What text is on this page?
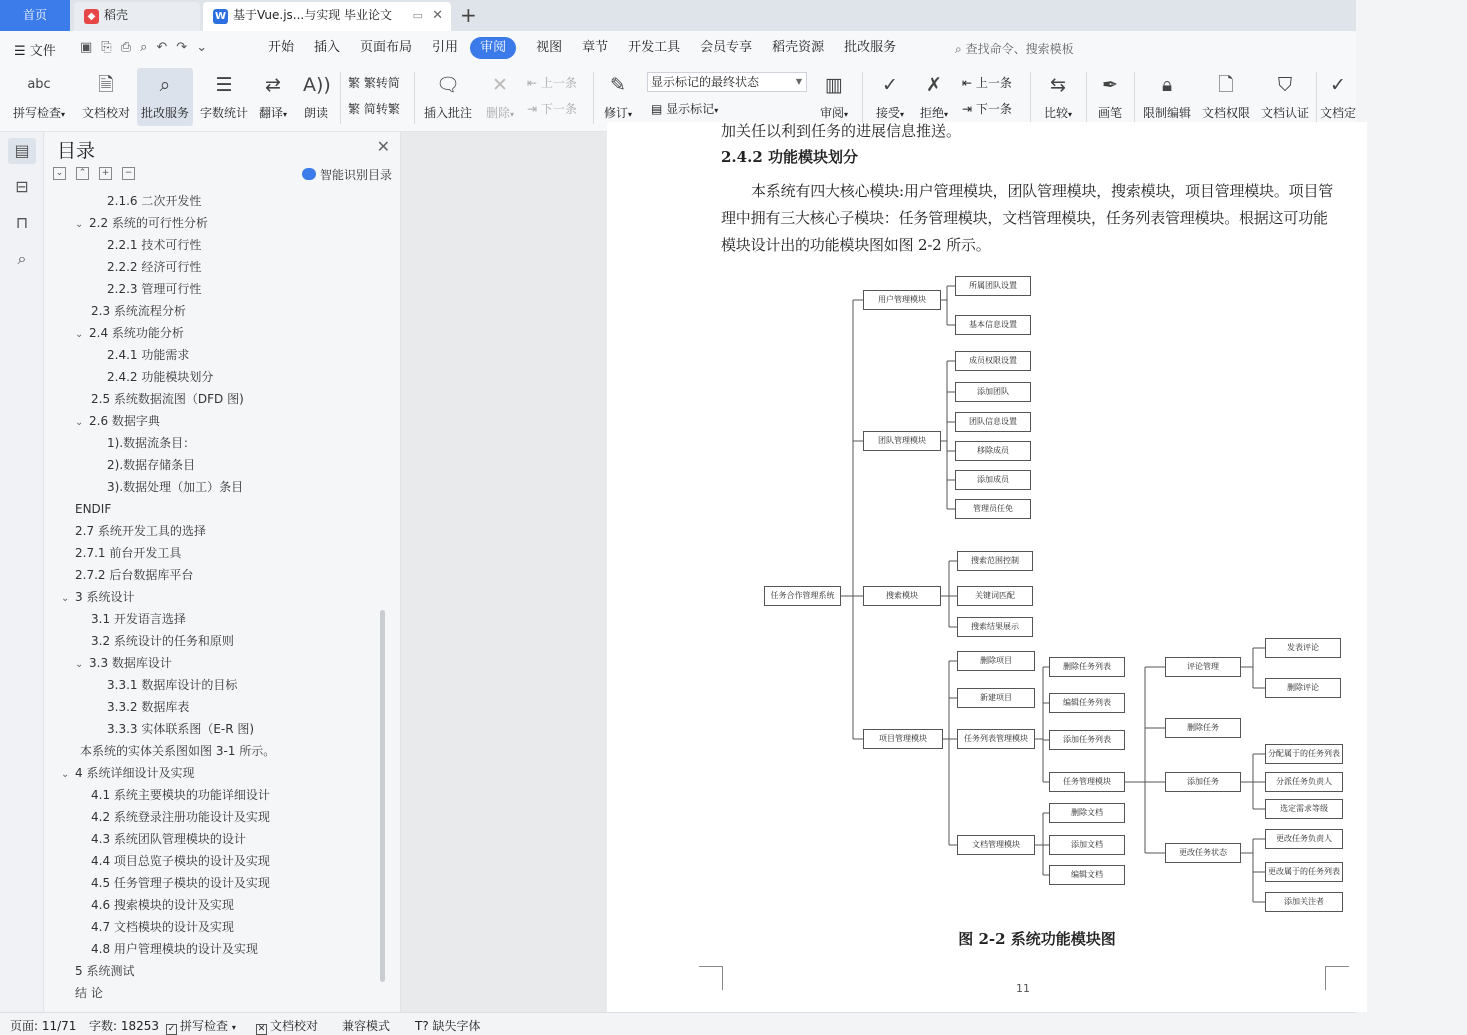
首页	◆ 稻壳	W 基于Vue.js...与实现 毕业论文 ▭ ✕ +
☰ 文件 ▣ ⎘ ⎙ ⌕ ↶ ↷ ⌄	开始 插入 页面布局 引用	审阅	视图 章节 开发工具 会员专享 稻壳资源 批改服务	⌕ 查找命令、搜索模板
abc
拼写检查▾
🗎
文档校对
⌕
批改服务
☰
字数统计
⇄
翻译▾
A))
朗读
繁 繁转简
繁 简转繁
🗨
插入批注
✕
删除▾
⇤ 上一条
⇥ 下一条
✎
修订▾
显示标记的最终状态	▼
▤ 显示标记▾
▥
审阅▾
✓
接受▾
✗
拒绝▾
⇤ 上一条
⇥ 下一条
⇆
比较▾
✒
画笔
🔒︎
限制编辑
🗋
文档权限
⛉
文档认证
✓
文档定
▤
⊟
⊓
⌕
目录	✕
⌄	⌃	+	−	智能识别目录
2.1.6 二次开发性
⌄ 2.2 系统的可行性分析
2.2.1 技术可行性
2.2.2 经济可行性
2.2.3 管理可行性
2.3 系统流程分析
⌄ 2.4 系统功能分析
2.4.1 功能需求
2.4.2 功能模块划分
2.5 系统数据流图（DFD 图)
⌄ 2.6 数据字典
1).数据流条目：
2).数据存储条目
3).数据处理（加工）条目
ENDIF
2.7 系统开发工具的选择
2.7.1 前台开发工具
2.7.2 后台数据库平台
⌄ 3 系统设计
3.1 开发语言选择
3.2 系统设计的任务和原则
⌄ 3.3 数据库设计
3.3.1 数据库设计的目标
3.3.2 数据库表
3.3.3 实体联系图（E-R 图)
本系统的实体关系图如图 3-1 所示。
⌄ 4 系统详细设计及实现
4.1 系统主要模块的功能详细设计
4.2 系统登录注册功能设计及实现
4.3 系统团队管理模块的设计
4.4 项目总览子模块的设计及实现
4.5 任务管理子模块的设计及实现
4.6 搜索模块的设计及实现
4.7 文档模块的设计及实现
4.8 用户管理模块的设计及实现
5 系统测试
结 论
加关任以利到任务的进展信息推送。
2.4.2 功能模块划分
本系统有四大核心模块:用户管理模块，团队管理模块，搜索模块，项目管理模块。项目管理中拥有三大核心子模块：任务管理模块，文档管理模块，任务列表管理模块。根据这可功能模块设计出的功能模块图如图 2-2 所示。
任务合作管理系统
用户管理模块
团队管理模块
搜索模块
项目管理模块
所属团队设置
基本信息设置
成员权限设置
添加团队
团队信息设置
移除成员
添加成员
管理员任免
搜索范围控制
关键词匹配
搜索结果展示
删除项目
新建项目
任务列表管理模块
文档管理模块
删除任务列表
编辑任务列表
添加任务列表
任务管理模块
删除文档
添加文档
编辑文档
评论管理
删除任务
添加任务
更改任务状态
发表评论
删除评论
分配属于的任务列表
分派任务负责人
选定需求等级
更改任务负责人
更改属于的任务列表
添加关注者
图 2-2 系统功能模块图
11
页面: 11/71 字数: 18253 ✓ 拼写检查 ▾ ✕ 文档校对 兼容模式 T? 缺失字体
